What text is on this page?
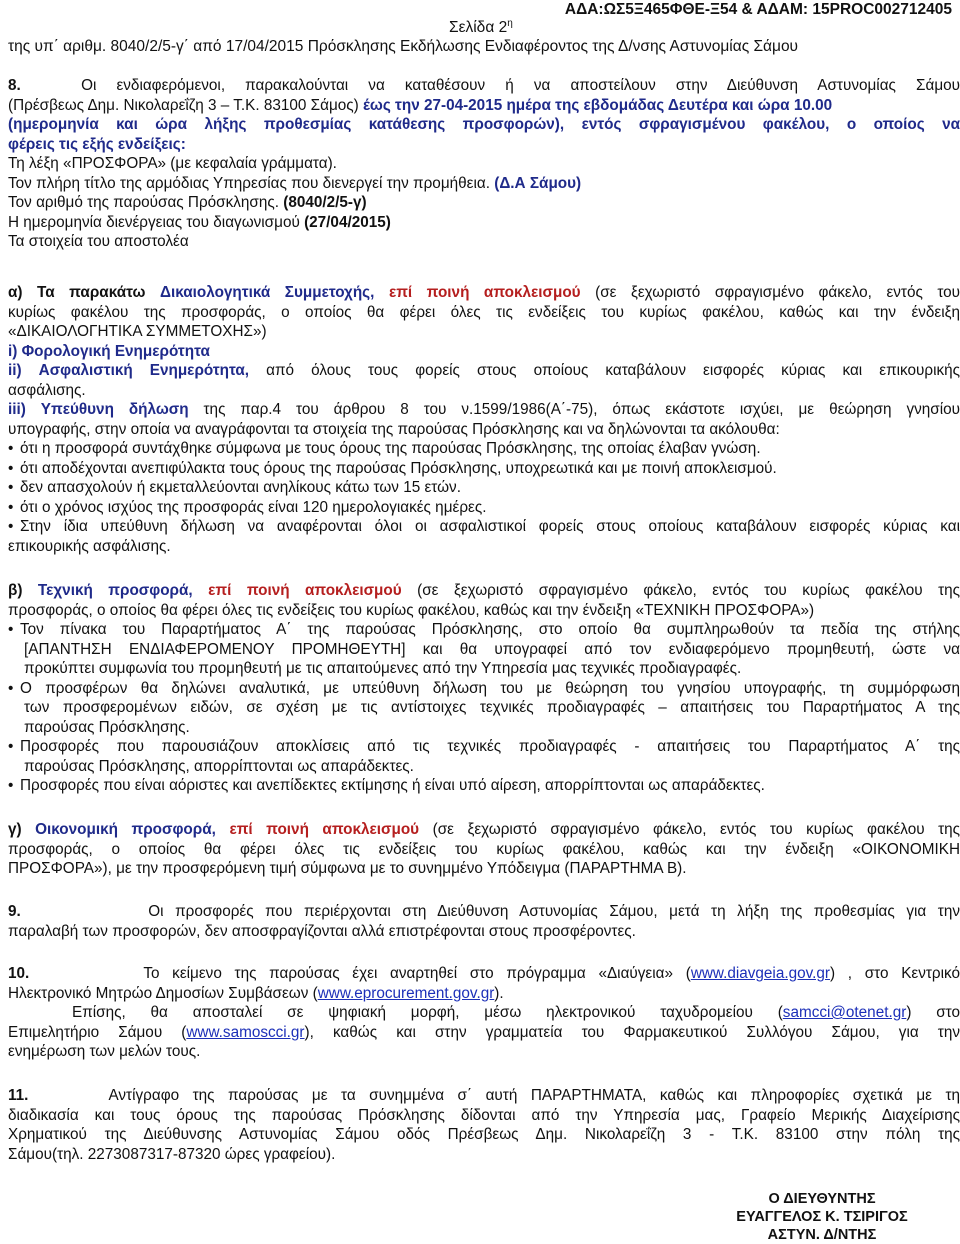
ΑΔΑ:ΩΣ5Ξ465ΦΘΕ-Ξ54 & ΑΔΑΜ: 15PROC002712405
Σελίδα $2^\eta$
της υπ΄ αριθμ. 8040/2/5-γ΄ από 17/04/2015 Πρόσκλησης Εκδήλωσης Ενδιαφέροντος της Δ/νσης Αστυνομίας Σάμου
8.	Οι ενδιαφερόμενοι, παρακαλούνται να καταθέσουν ή να αποστείλουν στην Διεύθυνση Αστυνομίας Σάμου
(Πρέσβεως Δημ. Νικολαρεΐζη 3 – Τ.Κ. 83100 Σάμος) έως την 27-04-2015 ημέρα της εβδομάδας Δευτέρα και ώρα 10.00
(ημερομηνία και ώρα λήξης προθεσμίας κατάθεσης προσφορών), εντός σφραγισμένου φακέλου, ο οποίος να
φέρεις τις εξής ενδείξεις:
Τη λέξη «ΠΡΟΣΦΟΡΑ» (με κεφαλαία γράμματα).
Τον πλήρη τίτλο της αρμόδιας Υπηρεσίας που διενεργεί την προμήθεια. (Δ.Α Σάμου)
Τον αριθμό της παρούσας Πρόσκλησης. (8040/2/5-γ)
Η ημερομηνία διενέργειας του διαγωνισμού (27/04/2015)
Τα στοιχεία του αποστολέα
α) Τα παρακάτω Δικαιολογητικά Συμμετοχής, επί ποινή αποκλεισμού (σε ξεχωριστό σφραγισμένο φάκελο, εντός του
κυρίως φακέλου της προσφοράς, ο οποίος θα φέρει όλες τις ενδείξεις του κυρίως φακέλου, καθώς και την ένδειξη
«ΔΙΚΑΙΟΛΟΓΗΤΙΚΑ ΣΥΜΜΕΤΟΧΗΣ»)
i) Φορολογική Ενημερότητα
ii) Ασφαλιστική Ενημερότητα, από όλους τους φορείς στους οποίους καταβάλουν εισφορές κύριας και επικουρικής
ασφάλισης.
iii) Υπεύθυνη δήλωση της παρ.4 του άρθρου 8 του ν.1599/1986(Α΄-75), όπως εκάστοτε ισχύει, με θεώρηση γνησίου
υπογραφής, στην οποία να αναγράφονται τα στοιχεία της παρούσας Πρόσκλησης και να δηλώνονται τα ακόλουθα:
• ότι η προσφορά συντάχθηκε σύμφωνα με τους όρους της παρούσας Πρόσκλησης, της οποίας έλαβαν γνώση.
• ότι αποδέχονται ανεπιφύλακτα τους όρους της παρούσας Πρόσκλησης, υποχρεωτικά και με ποινή αποκλεισμού.
• δεν απασχολούν ή εκμεταλλεύονται ανηλίκους κάτω των 15 ετών.
• ότι ο χρόνος ισχύος της προσφοράς είναι 120 ημερολογιακές ημέρες.
• Στην ίδια υπεύθυνη δήλωση να αναφέρονται όλοι οι ασφαλιστικοί φορείς στους οποίους καταβάλουν εισφορές κύριας και
επικουρικής ασφάλισης.
β) Τεχνική προσφορά, επί ποινή αποκλεισμού (σε ξεχωριστό σφραγισμένο φάκελο, εντός του κυρίως φακέλου της
προσφοράς, ο οποίος θα φέρει όλες τις ενδείξεις του κυρίως φακέλου, καθώς και την ένδειξη «ΤΕΧΝΙΚΗ ΠΡΟΣΦΟΡΑ»)
• Τον πίνακα του Παραρτήματος Α΄ της παρούσας Πρόσκλησης, στο οποίο θα συμπληρωθούν τα πεδία της στήλης
[ΑΠΑΝΤΗΣΗ ΕΝΔΙΑΦΕΡΟΜΕΝΟΥ ΠΡΟΜΗΘΕΥΤΗ] και θα υπογραφεί από τον ενδιαφερόμενο προμηθευτή, ώστε να
προκύπτει συμφωνία του προμηθευτή με τις απαιτούμενες από την Υπηρεσία μας τεχνικές προδιαγραφές.
• Ο προσφέρων θα δηλώνει αναλυτικά, με υπεύθυνη δήλωση του με θεώρηση του γνησίου υπογραφής, τη συμμόρφωση
των προσφερομένων ειδών, σε σχέση με τις αντίστοιχες τεχνικές προδιαγραφές – απαιτήσεις του Παραρτήματος Α της
παρούσας Πρόσκλησης.
• Προσφορές που παρουσιάζουν αποκλίσεις από τις τεχνικές προδιαγραφές - απαιτήσεις του Παραρτήματος Α΄ της
παρούσας Πρόσκλησης, απορρίπτονται ως απαράδεκτες.
• Προσφορές που είναι αόριστες και ανεπίδεκτες εκτίμησης ή είναι υπό αίρεση, απορρίπτονται ως απαράδεκτες.
γ) Οικονομική προσφορά, επί ποινή αποκλεισμού (σε ξεχωριστό σφραγισμένο φάκελο, εντός του κυρίως φακέλου της
προσφοράς, ο οποίος θα φέρει όλες τις ενδείξεις του κυρίως φακέλου, καθώς και την ένδειξη «ΟΙΚΟΝΟΜΙΚΗ
ΠΡΟΣΦΟΡΑ»), με την προσφερόμενη τιμή σύμφωνα με το συνημμένο Υπόδειγμα (ΠΑΡΑΡΤΗΜΑ Β).
9.	Οι προσφορές που περιέρχονται στη Διεύθυνση Αστυνομίας Σάμου, μετά τη λήξη της προθεσμίας για την
παραλαβή των προσφορών, δεν αποσφραγίζονται αλλά επιστρέφονται στους προσφέροντες.
10.	Το κείμενο της παρούσας έχει αναρτηθεί στο πρόγραμμα «Διαύγεια» (www.diavgeia.gov.gr) , στο Κεντρικό
Ηλεκτρονικό Μητρώο Δημοσίων Συμβάσεων (www.eprocurement.gov.gr).
Επίσης, θα αποσταλεί σε ψηφιακή μορφή, μέσω ηλεκτρονικού ταχυδρομείου (samcci@otenet.gr) στο
Επιμελητήριο Σάμου (www.samoscci.gr), καθώς και στην γραμματεία του Φαρμακευτικού Συλλόγου Σάμου, για την
ενημέρωση των μελών τους.
11.	Αντίγραφο της παρούσας με τα συνημμένα σ΄ αυτή ΠΑΡΑΡΤΗΜΑΤΑ, καθώς και πληροφορίες σχετικά με τη
διαδικασία και τους όρους της παρούσας Πρόσκλησης δίδονται από την Υπηρεσία μας, Γραφείο Μερικής Διαχείρισης
Χρηματικού της Διεύθυνσης Αστυνομίας Σάμου οδός Πρέσβεως Δημ. Νικολαρεΐζη 3 - Τ.Κ. 83100 στην πόλη της
Σάμου(τηλ. 2273087317-87320 ώρες γραφείου).
Ο ΔΙΕΥΘΥΝΤΗΣ
ΕΥΑΓΓΕΛΟΣ Κ. ΤΣΙΡΙΓΟΣ
ΑΣΤΥΝ. Δ/ΝΤΗΣ
